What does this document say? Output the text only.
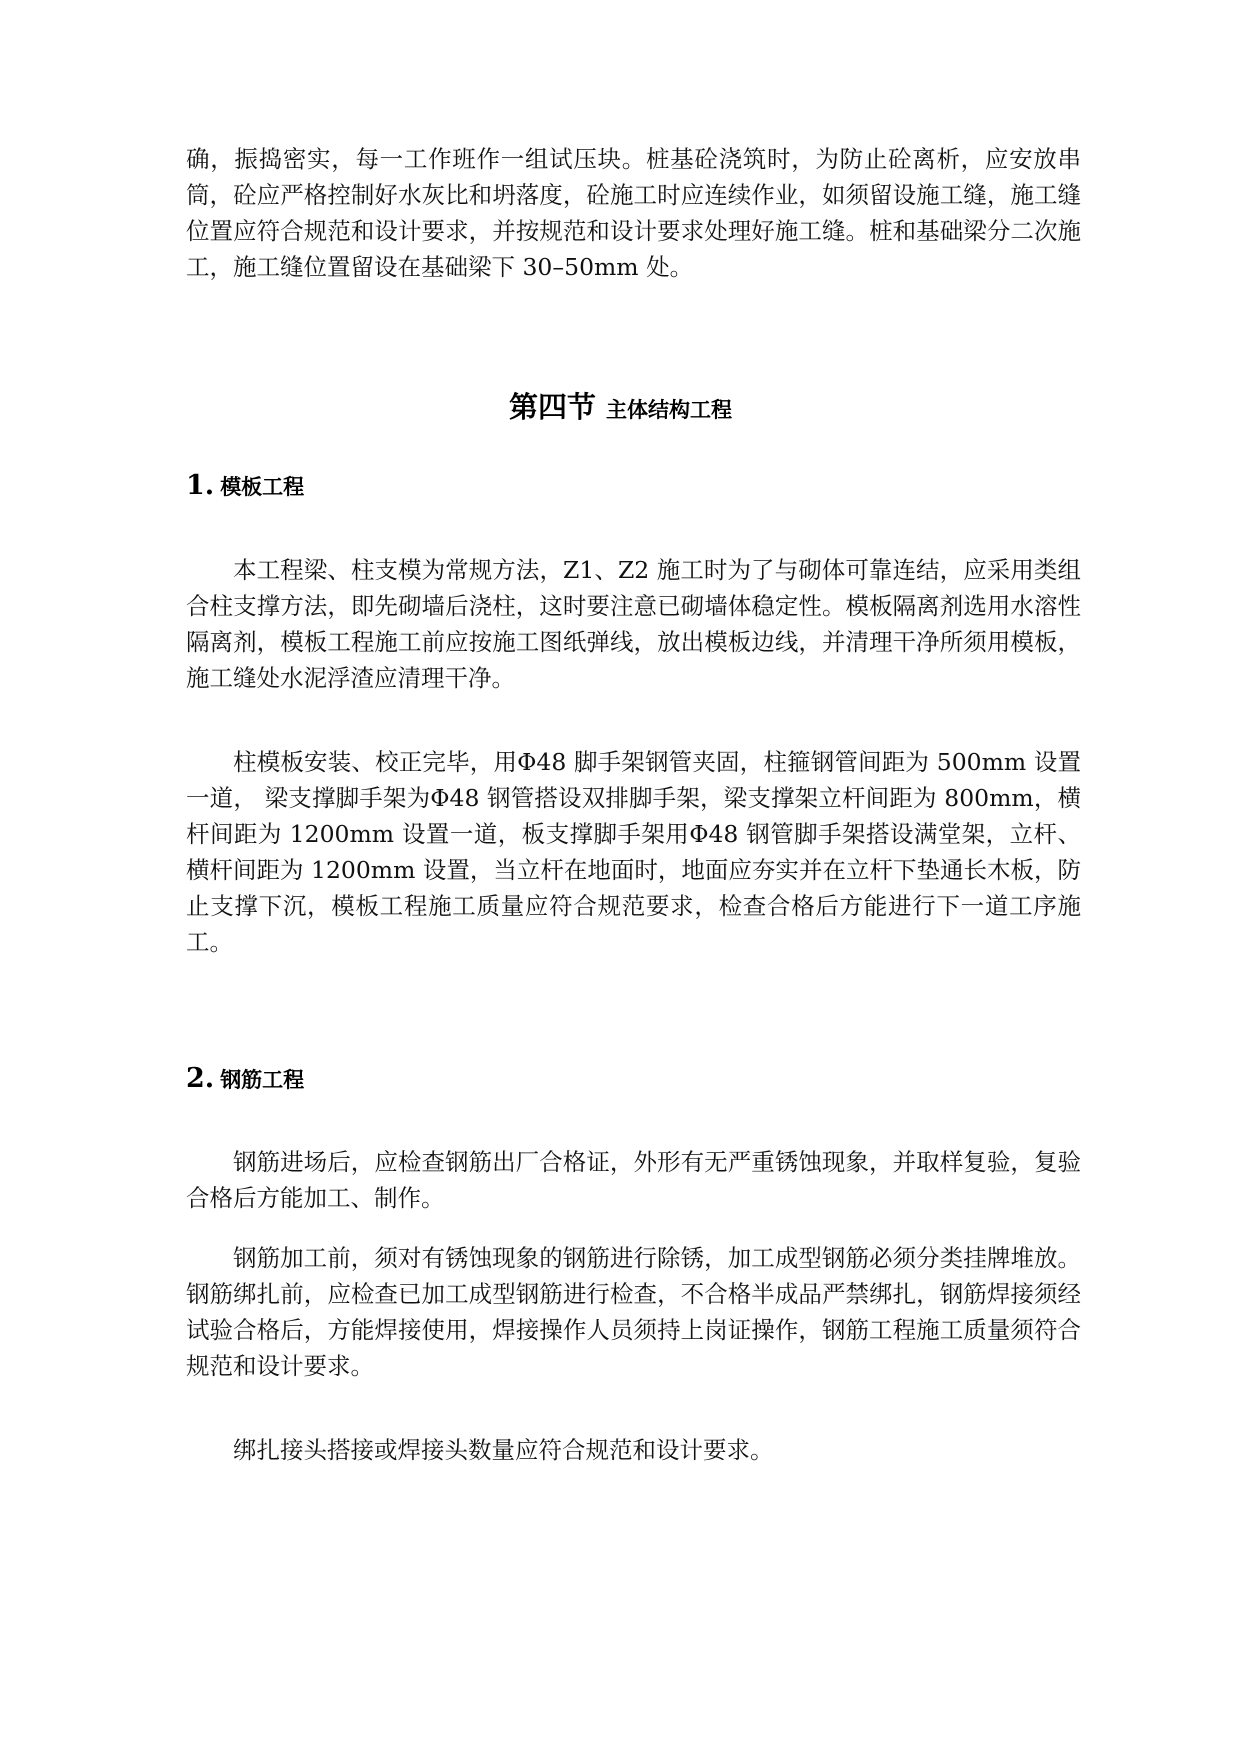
确，振捣密实，每一工作班作一组试压块。桩基砼浇筑时，为防止砼离析，应安放串筒，砼应严格控制好水灰比和坍落度，砼施工时应连续作业，如须留设施工缝，施工缝位置应符合规范和设计要求，并按规范和设计要求处理好施工缝。桩和基础梁分二次施工，施工缝位置留设在基础梁下 30–50mm 处。

第四节 主体结构工程
1. 模板工程

本工程梁、柱支模为常规方法，Z1、Z2 施工时为了与砌体可靠连结，应采用类组合柱支撑方法，即先砌墙后浇柱，这时要注意已砌墙体稳定性。模板隔离剂选用水溶性隔离剂，模板工程施工前应按施工图纸弹线，放出模板边线，并清理干净所须用模板，施工缝处水泥浮渣应清理干净。

柱模板安装、校正完毕，用Φ48 脚手架钢管夹固，柱箍钢管间距为 500mm 设置一道， 梁支撑脚手架为Φ48 钢管搭设双排脚手架，梁支撑架立杆间距为 800mm，横杆间距为 1200mm 设置一道，板支撑脚手架用Φ48 钢管脚手架搭设满堂架，立杆、横杆间距为 1200mm 设置，当立杆在地面时，地面应夯实并在立杆下垫通长木板，防止支撑下沉，模板工程施工质量应符合规范要求，检查合格后方能进行下一道工序施工。

2. 钢筋工程

钢筋进场后，应检查钢筋出厂合格证，外形有无严重锈蚀现象，并取样复验，复验合格后方能加工、制作。

钢筋加工前，须对有锈蚀现象的钢筋进行除锈，加工成型钢筋必须分类挂牌堆放。钢筋绑扎前，应检查已加工成型钢筋进行检查，不合格半成品严禁绑扎，钢筋焊接须经试验合格后，方能焊接使用，焊接操作人员须持上岗证操作，钢筋工程施工质量须符合规范和设计要求。

绑扎接头搭接或焊接头数量应符合规范和设计要求。
